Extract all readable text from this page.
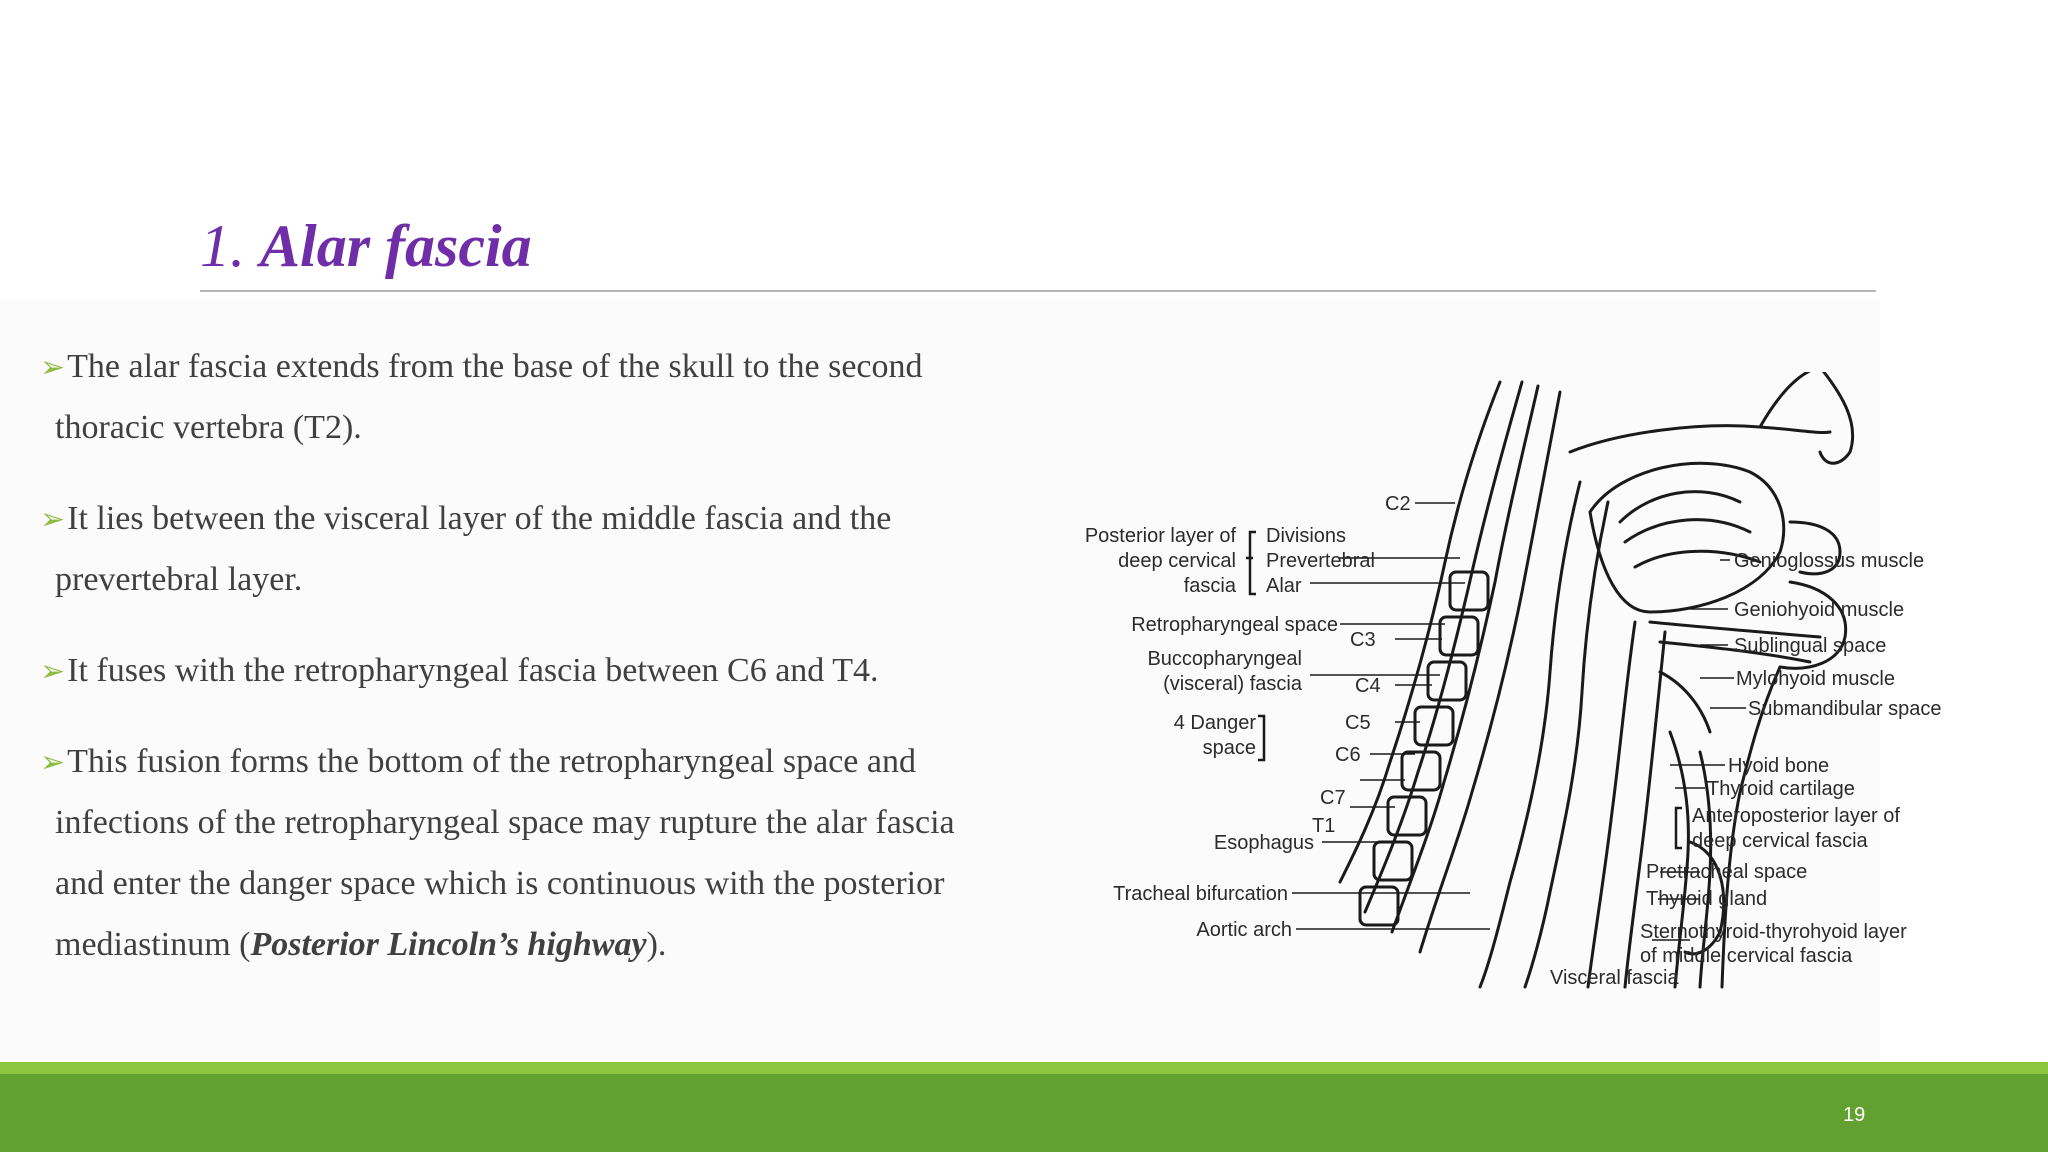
1. Alar fascia
➢The alar fascia extends from the base of the skull to the second
thoracic vertebra (T2).
➢It lies between the visceral layer of the middle fascia and the
prevertebral layer.
➢It fuses with the retropharyngeal fascia between C6 and T4.
➢This fusion forms the bottom of the retropharyngeal space and
infections of the retropharyngeal space may rupture the alar fascia
and enter the danger space which is continuous with the posterior
mediastinum (Posterior Lincoln’s highway).
C2
Posterior layer of
deep cervical
fascia
Divisions
Prevertebral
Alar
Retropharyngeal space
C3
Buccopharyngeal
(visceral) fascia	C4
C5
4 Danger
space	C6
C7
T1
Esophagus
Tracheal bifurcation
Aortic arch
Genioglossus muscle
Geniohyoid muscle
Sublingual space
Mylohyoid muscle
Submandibular space
Hyoid bone
Thyroid cartilage
Anteroposterior layer of
deep cervical fascia
Pretracheal space
Thyroid gland
Sternothyroid-thyrohyoid layer
of middle cervical fascia
Visceral fascia
19
